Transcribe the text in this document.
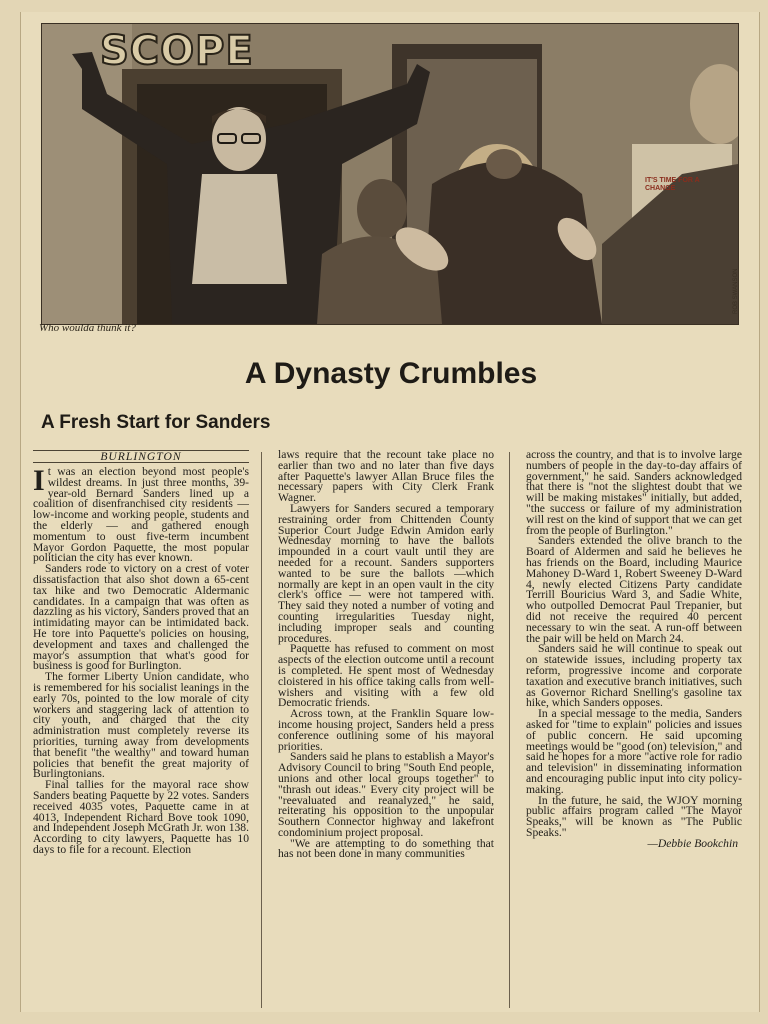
SCOPE
IT'S TIME FOR A CHANGE
Who woulda thunk it?
ROB SWANSON
A Dynasty Crumbles
A Fresh Start for Sanders
BURLINGTON

It was an election beyond most people's wildest dreams. In just three months, 39-year-old Bernard Sanders lined up a coalition of disenfranchised city residents — low-income and working people, students and the elderly — and gathered enough momentum to oust five-term incumbent Mayor Gordon Paquette, the most popular politician the city has ever known.

Sanders rode to victory on a crest of voter dissatisfaction that also shot down a 65-cent tax hike and two Democratic Aldermanic candidates. In a campaign that was often as dazzling as his victory, Sanders proved that an intimidating mayor can be intimidated back. He tore into Paquette's policies on housing, development and taxes and challenged the mayor's assumption that what's good for business is good for Burlington.

The former Liberty Union candidate, who is remembered for his socialist leanings in the early 70s, pointed to the low morale of city workers and staggering lack of attention to city youth, and charged that the city administration must completely reverse its priorities, turning away from developments that benefit "the wealthy" and toward human policies that benefit the great majority of Burlingtonians.

Final tallies for the mayoral race show Sanders beating Paquette by 22 votes. Sanders received 4035 votes, Paquette came in at 4013, Independent Richard Bove took 1090, and Independent Joseph McGrath Jr. won 138. According to city lawyers, Paquette has 10 days to file for a recount. Election

laws require that the recount take place no earlier than two and no later than five days after Paquette's lawyer Allan Bruce files the necessary papers with City Clerk Frank Wagner.

Lawyers for Sanders secured a temporary restraining order from Chittenden County Superior Court Judge Edwin Amidon early Wednesday morning to have the ballots impounded in a court vault until they are needed for a recount. Sanders supporters wanted to be sure the ballots —which normally are kept in an open vault in the city clerk's office — were not tampered with. They said they noted a number of voting and counting irregularities Tuesday night, including improper seals and counting procedures.

Paquette has refused to comment on most aspects of the election outcome until a recount is completed. He spent most of Wednesday cloistered in his office taking calls from well-wishers and visiting with a few old Democratic friends.

Across town, at the Franklin Square low-income housing project, Sanders held a press conference outlining some of his mayoral priorities.

Sanders said he plans to establish a Mayor's Advisory Council to bring "South End people, unions and other local groups together" to "thrash out ideas." Every city project will be "reevaluated and reanalyzed," he said, reiterating his opposition to the unpopular Southern Connector highway and lakefront condominium project proposal.

"We are attempting to do something that has not been done in many communities

across the country, and that is to involve large numbers of people in the day-to-day affairs of government," he said. Sanders acknowledged that there is "not the slightest doubt that we will be making mistakes" initially, but added, "the success or failure of my administration will rest on the kind of support that we can get from the people of Burlington."

Sanders extended the olive branch to the Board of Aldermen and said he believes he has friends on the Board, including Maurice Mahoney D-Ward 1, Robert Sweeney D-Ward 4, newly elected Citizens Party candidate Terrill Bouricius Ward 3, and Sadie White, who outpolled Democrat Paul Trepanier, but did not receive the required 40 percent necessary to win the seat. A run-off between the pair will be held on March 24.

Sanders said he will continue to speak out on statewide issues, including property tax reform, progressive income and corporate taxation and executive branch initiatives, such as Governor Richard Snelling's gasoline tax hike, which Sanders opposes.

In a special message to the media, Sanders asked for "time to explain" policies and issues of public concern. He said upcoming meetings would be "good (on) television," and said he hopes for a more "active role for radio and television" in disseminating information and encouraging public input into city policy-making.

In the future, he said, the WJOY morning public affairs program called "The Mayor Speaks," will be known as "The Public Speaks."

—Debbie Bookchin
